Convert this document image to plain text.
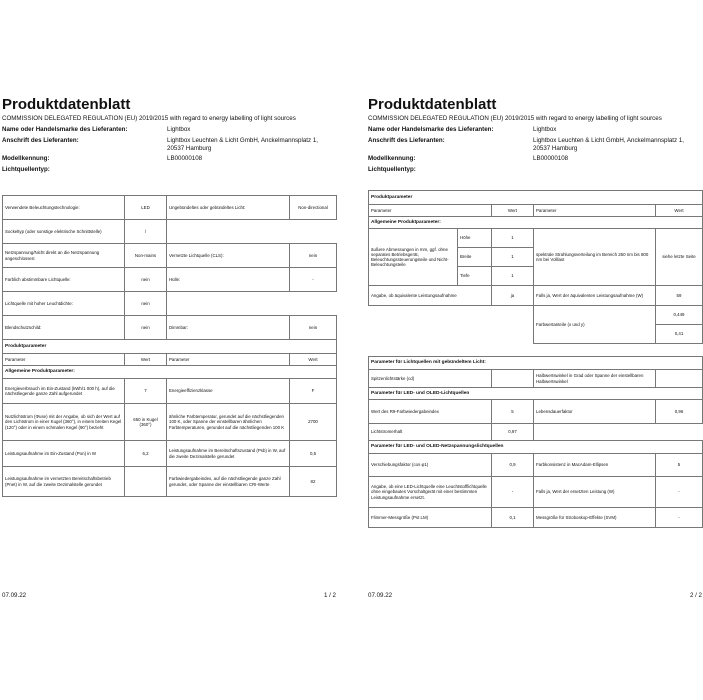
Produktdatenblatt
COMMISSION DELEGATED REGULATION (EU) 2019/2015 with regard to energy labelling of light sources
Name oder Handelsmarke des Lieferanten:	Lightbox
Anschrift des Lieferanten:	Lightbox Leuchten & Licht GmbH, Anckelmannsplatz 1,
20537 Hamburg
Modellkennung:	LB00000108
Lichtquellentyp:
Verwendete Beleuchtungstechnologie:	LED	Ungebündeltes oder gebündeltes Licht:	Non-directional
Sockeltyp (oder sonstige elektrische Schnittstelle)	/		
Netzspannung/Nicht direkt an die Netzspannung angeschlossen:	Non-mains	Vernetzte Lichtquelle (CLS):	nein
Farblich abstimmbare Lichtquelle:	nein	Hülle:	-
Lichtquelle mit hoher Leuchtdichte:	nein		
Blendschutzschild:	nein	Dimmbar:	nein
Produktparameter			
Parameter	Wert	Parameter	Wert
Allgemeine Produktparameter:			
Energieverbrauch im Ein-Zustand (kWh/1 000 h), auf die nächstliegende ganze Zahl aufgerundet	7	Energieeffizienzklasse	F
Nutzlichtstrom (Φuse) mit der Angabe, ob sich der Wert auf den Lichtstrom in einer Kugel (360°), in einem breiten Kegel (120°) oder in einem schmalen Kegel (90°) bezieht	650 in Kugel (360°)	ähnliche Farbtemperatur, gerundet auf die nächstliegenden 100 K, oder Spanne der einstellbaren ähnlichen Farbtemperaturen, gerundet auf die nächstliegenden 100 K	2700
Leistungsaufnahme im Ein-Zustand (Pon) in W	6,2	Leistungsaufnahme im Bereitschaftszustand (Psb) in W, auf die zweite Dezimalstelle gerundet	0,5
Leistungsaufnahme im vernetzten Bereitschaftsbetrieb (Pnet) in W, auf die zweite Dezimalstelle gerundet		Farbwiedergabeindex, auf die nächstliegende ganze Zahl gerundet, oder Spanne der einstellbaren CRI-Werte	82
07.09.22	1 / 2
Produktdatenblatt
COMMISSION DELEGATED REGULATION (EU) 2019/2015 with regard to energy labelling of light sources
Name oder Handelsmarke des Lieferanten:	Lightbox
Anschrift des Lieferanten:	Lightbox Leuchten & Licht GmbH, Anckelmannsplatz 1,
20537 Hamburg
Modellkennung:	LB00000108
Lichtquellentyp:
Produktparameter				
Parameter		Wert	Parameter	Wert
Allgemeine Produktparameter:				
äußere Abmessungen in mm, ggf. ohne separates Betriebsgerät, Beleuchtungssteuerungsteile und Nicht-Beleuchtungsteile	Höhe	1	spektrale Strahlungsverteilung im Bereich 250 nm bis 800 nm bei Volllast	siehe letzte Seite
	Breite	1		
	Tiefe	1		
Angabe, ob äquivalente Leistungsaufnahme		ja	Falls ja, Wert der äquivalenten Leistungsaufnahme (W)	59
			Farbwertanteile (x und y)	0,449
				0,41

Parameter für Lichtquellen mit gebündeltem Licht:				
Spitzenlichtstärke (cd)			Halbwertswinkel in Grad oder Spanne der einstellbaren Halbwertswinkel	
Parameter für LED- und OLED-Lichtquellen				
Wert des R9-Farbwiedergabeindex		5	Lebensdauerfaktor	0,96
Lichtstromerhalt		0,97		
Parameter für LED- und OLED-Netzspannungslichtquellen				
Verschiebungsfaktor (cos φ1)		0,9	Farbkonsistenz in MacAdam-Ellipsen	5
Angabe, ob eine LED-Lichtquelle eine Leuchtstofflichtquelle ohne eingebautes Vorschaltgerät mit einer bestimmten Leistungsaufnahme ersetzt.		-	Falls ja, Wert der ersetzten Leistung (W)	-
Flimmer-Messgröße (Pst LM)		0,1	Messgröße für Stroboskop-Effekte (SVM)	-
07.09.22	2 / 2
